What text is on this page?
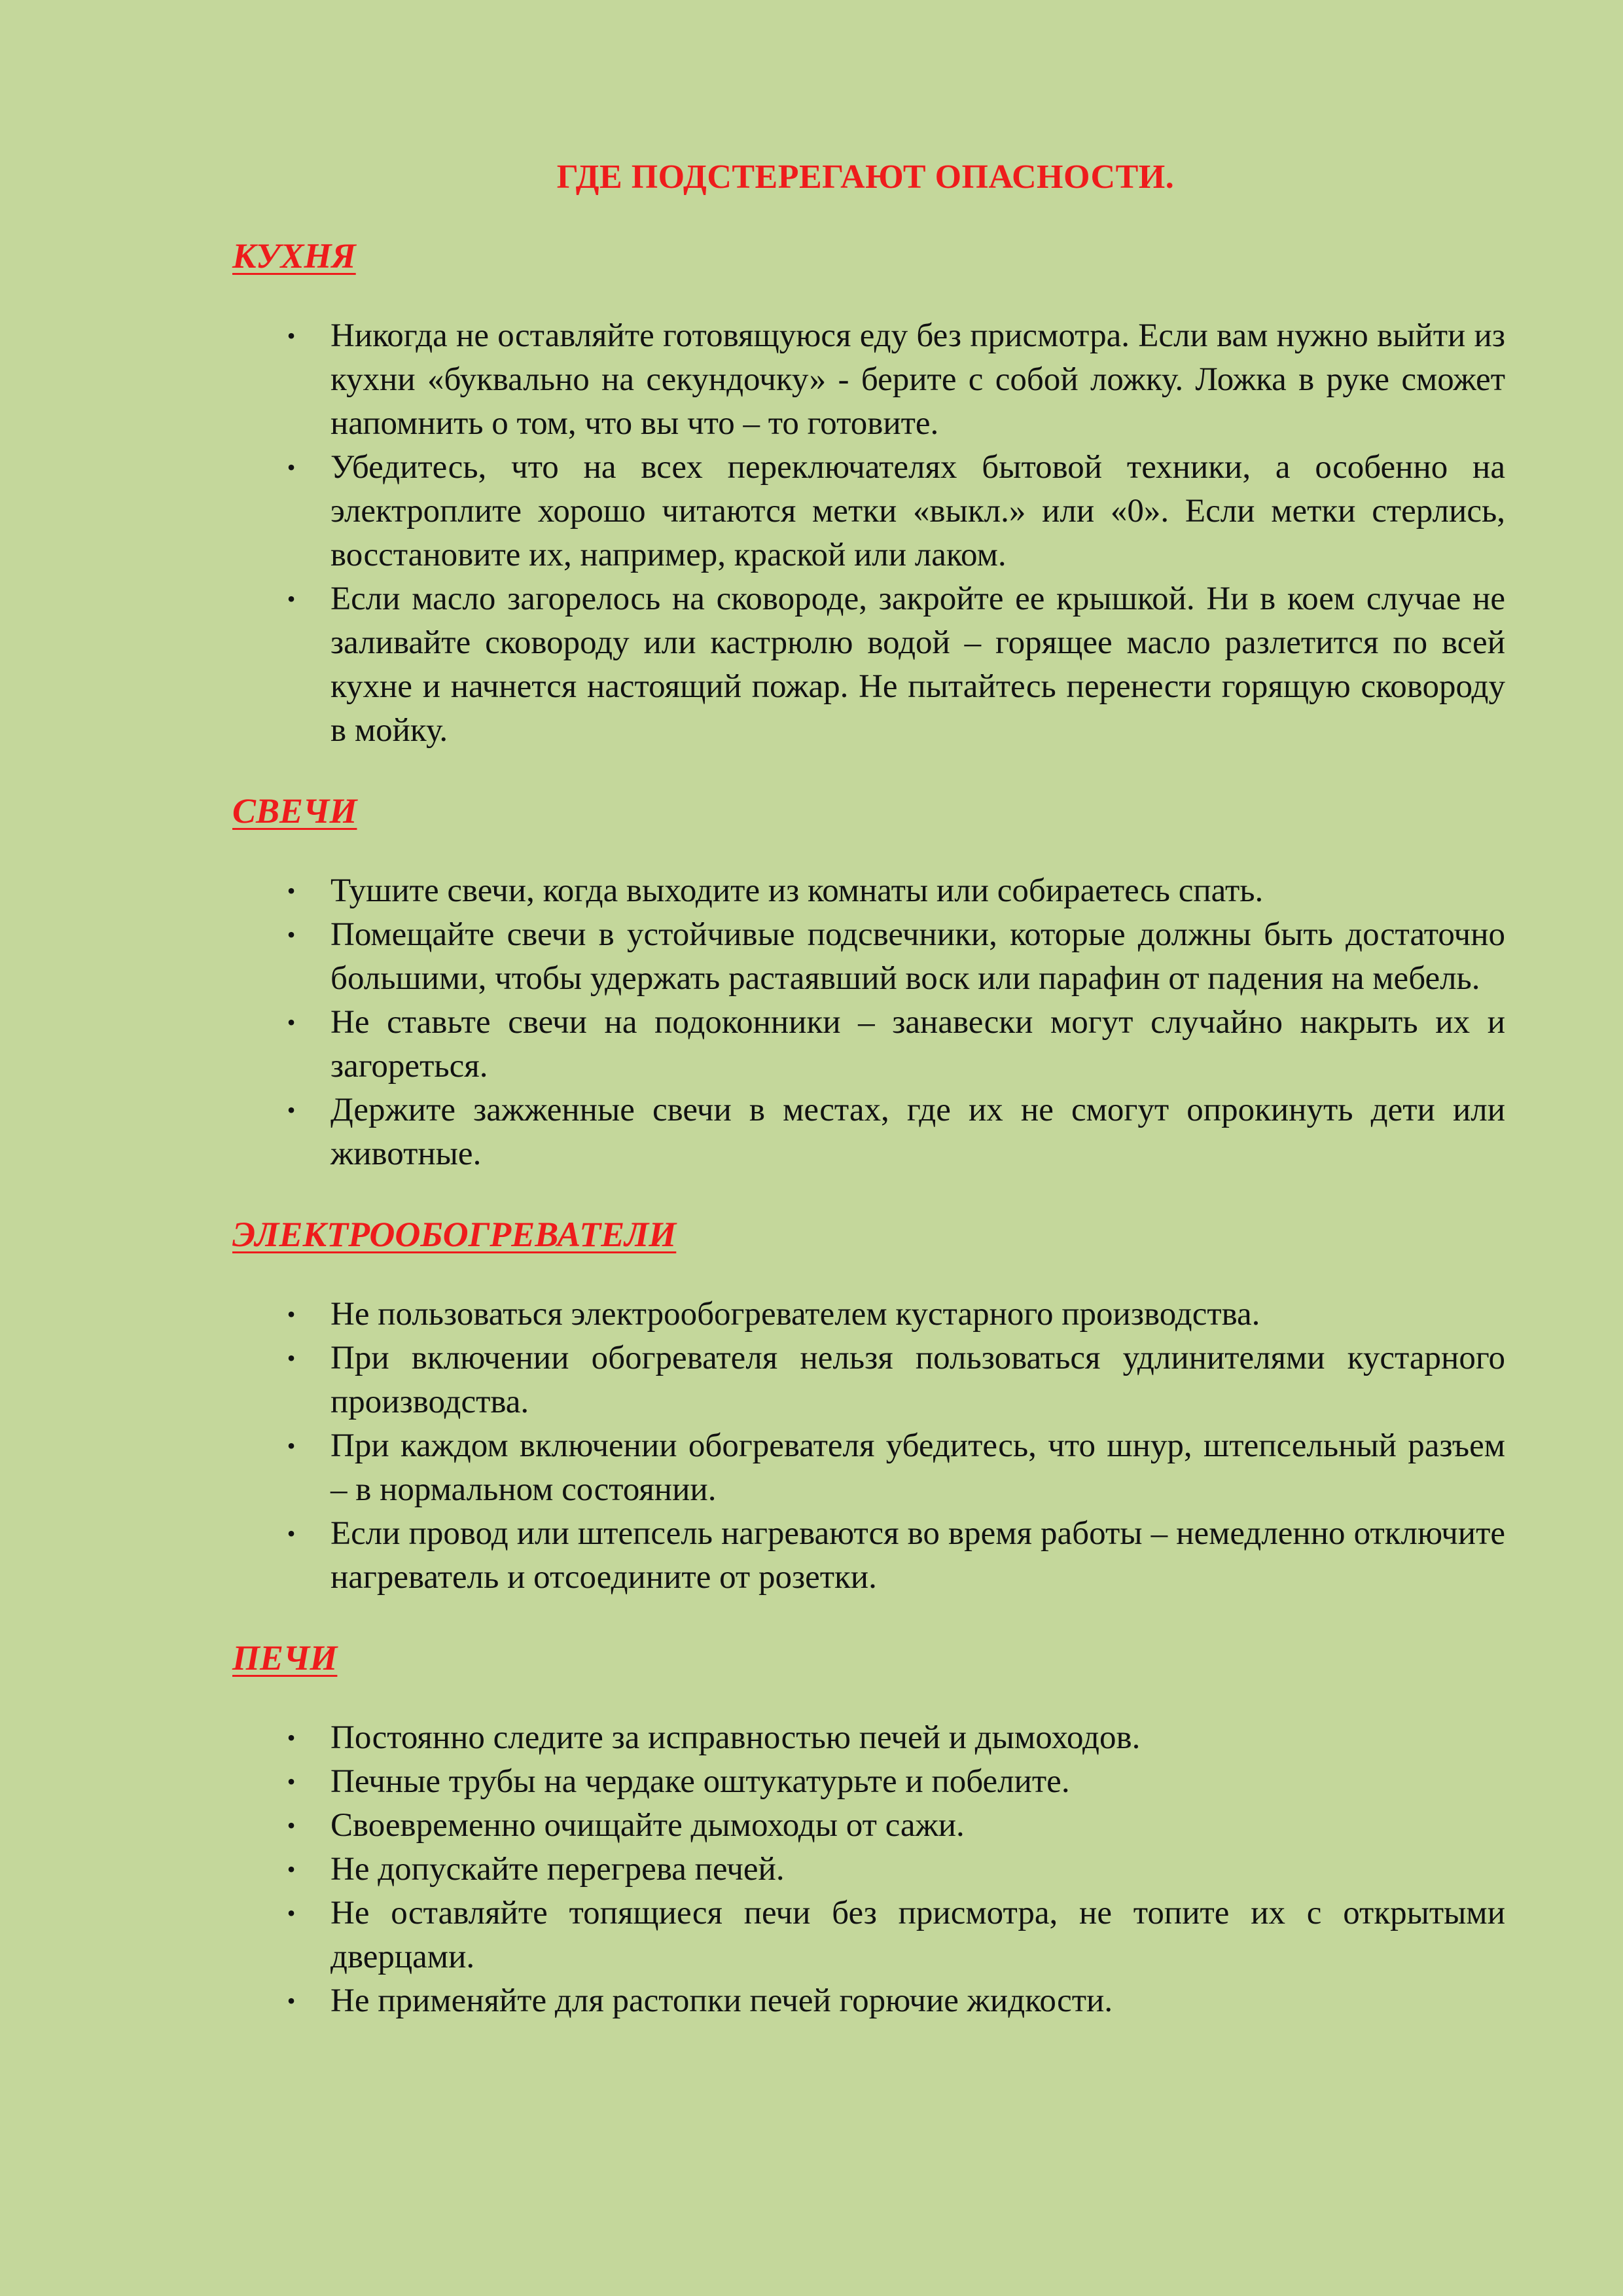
ГДЕ ПОДСТЕРЕГАЮТ ОПАСНОСТИ.
КУХНЯ
• Никогда не оставляйте готовящуюся еду без присмотра. Если вам нужно выйти из кухни «буквально на секундочку» - берите с собой ложку. Ложка в руке сможет напомнить о том, что вы что – то готовите.
• Убедитесь, что на всех переключателях бытовой техники, а особенно на электроплите хорошо читаются метки «выкл.» или «0». Если метки стерлись, восстановите их, например, краской или лаком.
• Если масло загорелось на сковороде, закройте ее крышкой. Ни в коем случае не заливайте сковороду или кастрюлю водой – горящее масло разлетится по всей кухне и начнется настоящий пожар. Не пытайтесь перенести горящую сковороду в мойку.
СВЕЧИ
• Тушите свечи, когда выходите из комнаты или собираетесь спать.
• Помещайте свечи в устойчивые подсвечники, которые должны быть достаточно большими, чтобы удержать растаявший воск или парафин от падения на мебель.
• Не ставьте свечи на подоконники – занавески могут случайно накрыть их и загореться.
• Держите зажженные свечи в местах, где их не смогут опрокинуть дети или животные.
ЭЛЕКТРООБОГРЕВАТЕЛИ
• Не пользоваться электрообогревателем кустарного производства.
• При включении обогревателя нельзя пользоваться удлинителями кустарного производства.
• При каждом включении обогревателя убедитесь, что шнур, штепсельный разъем – в нормальном состоянии.
• Если провод или штепсель нагреваются во время работы – немедленно отключите нагреватель и отсоедините от розетки.
ПЕЧИ
• Постоянно следите за исправностью печей и дымоходов.
• Печные трубы на чердаке оштукатурьте и побелите.
• Своевременно очищайте дымоходы от сажи.
• Не допускайте перегрева печей.
• Не оставляйте топящиеся печи без присмотра, не топите их с открытыми дверцами.
• Не применяйте для растопки печей горючие жидкости.
